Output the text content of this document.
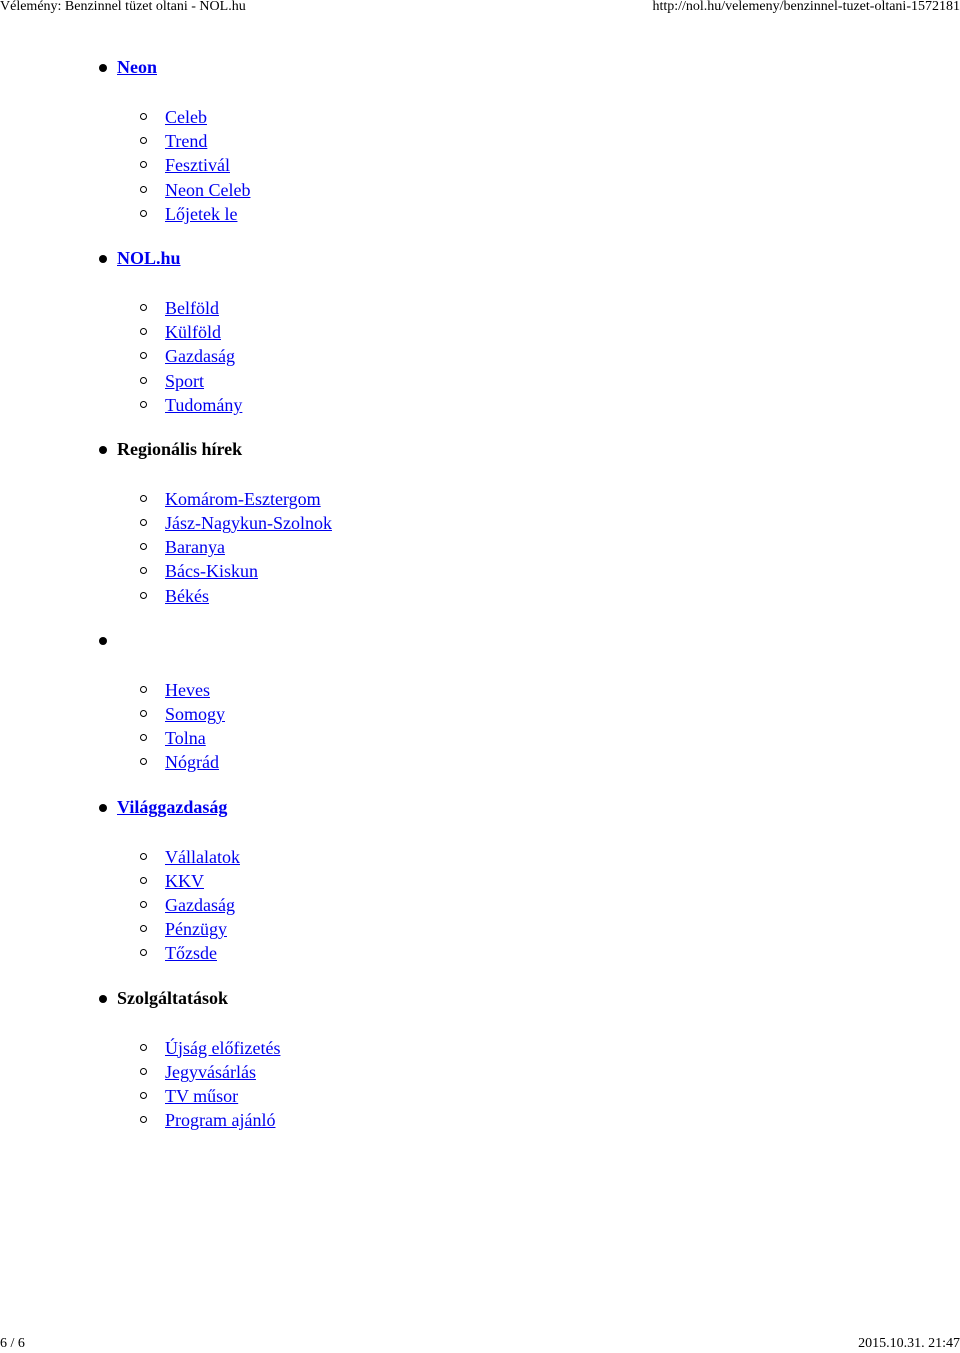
Vélemény: Benzinnel tüzet oltani - NOL.hu	http://nol.hu/velemeny/benzinnel-tuzet-oltani-1572181
Neon
Celeb
Trend
Fesztivál
Neon Celeb
Lőjetek le
NOL.hu
Belföld
Külföld
Gazdaság
Sport
Tudomány
Regionális hírek
Komárom-Esztergom
Jász-Nagykun-Szolnok
Baranya
Bács-Kiskun
Békés
Heves
Somogy
Tolna
Nógrád
Világgazdaság
Vállalatok
KKV
Gazdaság
Pénzügy
Tőzsde
Szolgáltatások
Újság előfizetés
Jegyvásárlás
TV műsor
Program ajánló
6 / 6	2015.10.31. 21:47
